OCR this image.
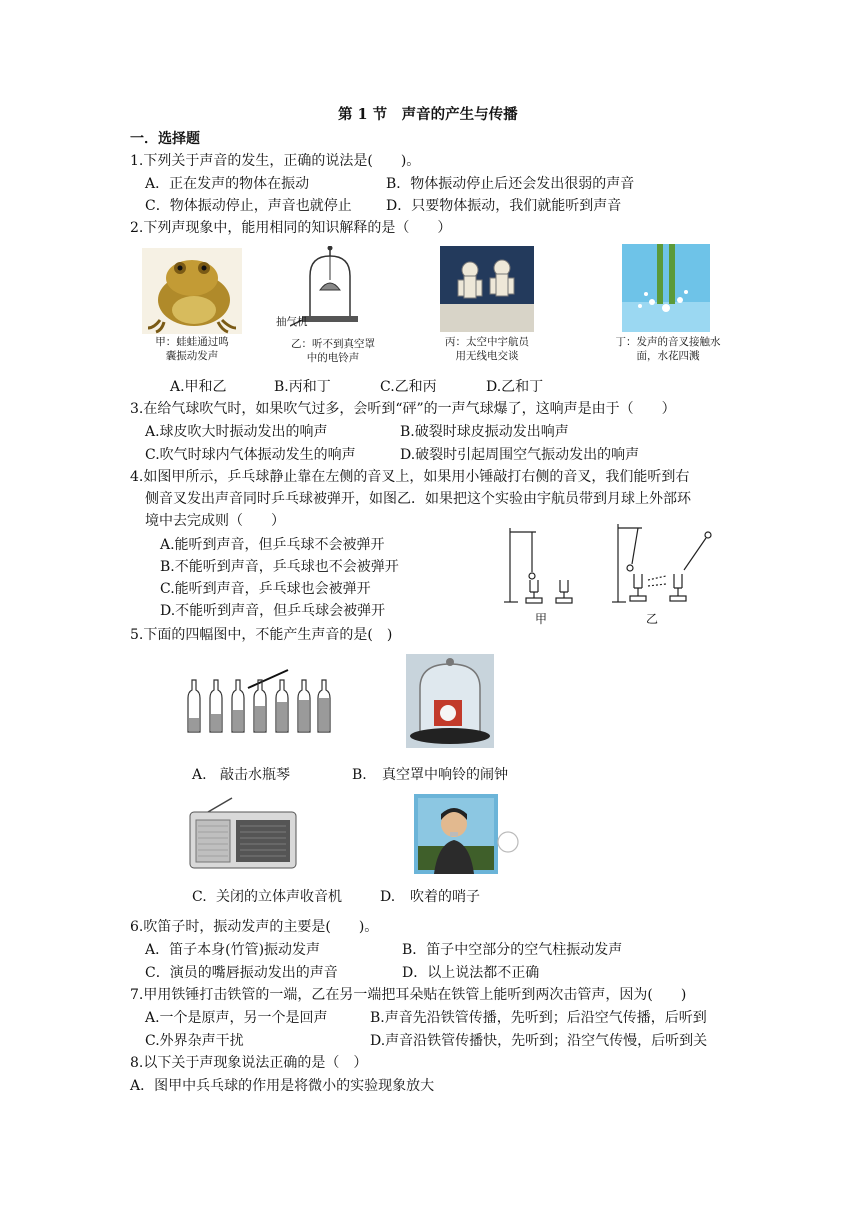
第 1 节　声音的产生与传播
一．选择题
1.下列关于声音的发生，正确的说法是(　　)。
A．正在发声的物体在振动	B．物体振动停止后还会发出很弱的声音
C．物体振动停止，声音也就停止 D．只要物体振动，我们就能听到声音
2.下列声现象中，能用相同的知识解释的是（　　）
甲：蛙蛙通过鸣
囊振动发声
抽气机
乙：听不到真空罩
中的电铃声
丙：太空中宇航员
用无线电交谈
丁：发声的音叉接触水
面，水花四溅
A.甲和乙	B.丙和丁	C.乙和丙	D.乙和丁
3.在给气球吹气时，如果吹气过多，会听到“砰”的一声气球爆了，这响声是由于（　　）
A.球皮吹大时振动发出的响声	B.破裂时球皮振动发出响声
C.吹气时球内气体振动发生的响声	D.破裂时引起周围空气振动发出的响声
4.如图甲所示，乒乓球静止靠在左侧的音叉上，如果用小锤敲打右侧的音叉，我们能听到右
侧音叉发出声音同时乒乓球被弹开，如图乙．如果把这个实验由宇航员带到月球上外部环
境中去完成则（　　）
A.能听到声音，但乒乓球不会被弹开
B.不能听到声音，乒乓球也不会被弹开
C.能听到声音，乒乓球也会被弹开
D.不能听到声音，但乒乓球会被弹开	甲	乙
5.下面的四幅图中，不能产生声音的是(　)
A. 敲击水瓶琴	B. 真空罩中响铃的闹钟
C. 关闭的立体声收音机	D. 吹着的哨子
6.吹笛子时，振动发声的主要是(　　)。
A．笛子本身(竹管)振动发声	B．笛子中空部分的空气柱振动发声
C．演员的嘴唇振动发出的声音	D．以上说法都不正确
7.甲用铁锤打击铁管的一端，乙在另一端把耳朵贴在铁管上能听到两次击管声，因为(　　)
A.一个是原声，另一个是回声	B.声音先沿铁管传播，先听到；后沿空气传播，后听到
C.外界杂声干扰	D.声音沿铁管传播快，先听到；沿空气传慢，后听到关
8.以下关于声现象说法正确的是（　）
A．图甲中兵乓球的作用是将微小的实验现象放大
